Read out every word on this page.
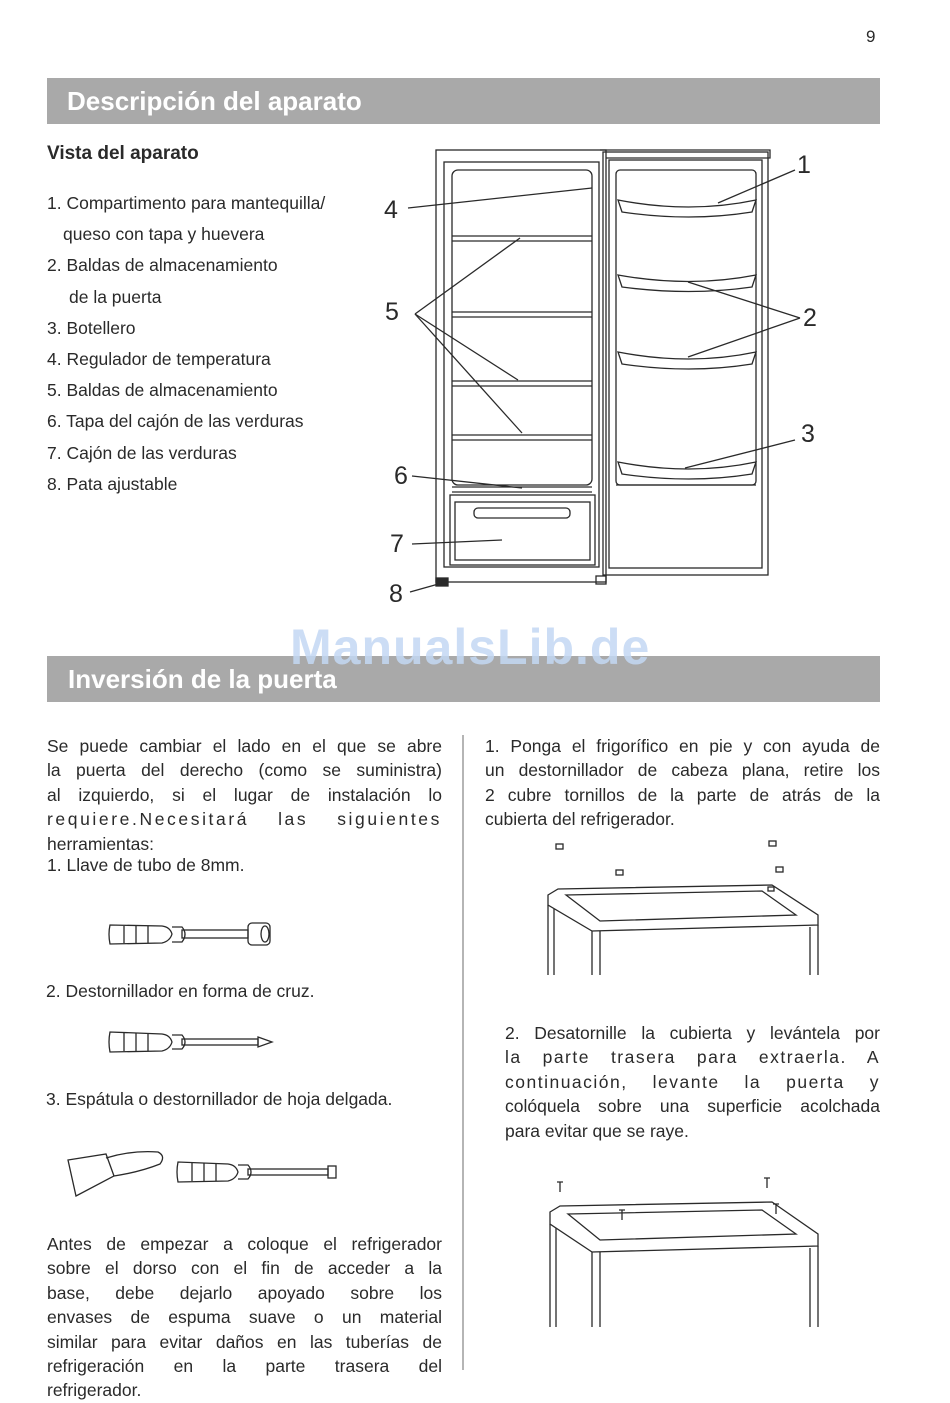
9
Descripción del aparato
Vista del aparato
1. Compartimento para mantequilla/
queso con tapa y huevera
2. Baldas de almacenamiento
de la puerta
3. Botellero
4. Regulador de temperatura
5. Baldas de almacenamiento
6. Tapa del cajón de las verduras
7. Cajón de las verduras
8. Pata ajustable
1
2
3
4
5
6
7
8
Inversión de la puerta
ManualsLib.de
Se puede cambiar el lado en el que se abre
la puerta del derecho (como se suministra)
al izquierdo, si el lugar de instalación lo
requiere.Necesitará las siguientes
herramientas:
1. Llave de tubo de 8mm.
2. Destornillador en forma de cruz.
3. Espátula o destornillador de hoja delgada.
Antes de empezar a coloque el refrigerador
sobre el dorso con el fin de acceder a la
base, debe dejarlo apoyado sobre los
envases de espuma suave o un material
similar para evitar daños en las tuberías de
refrigeración en la parte trasera del
refrigerador.
1. Ponga el frigorífico en pie y con ayuda de
un destornillador de cabeza plana, retire los
2 cubre tornillos de la parte de atrás de la
cubierta del refrigerador.
2. Desatornille la cubierta y levántela por
la parte trasera para extraerla. A
continuación, levante la puerta y
colóquela sobre una superficie acolchada
para evitar que se raye.
